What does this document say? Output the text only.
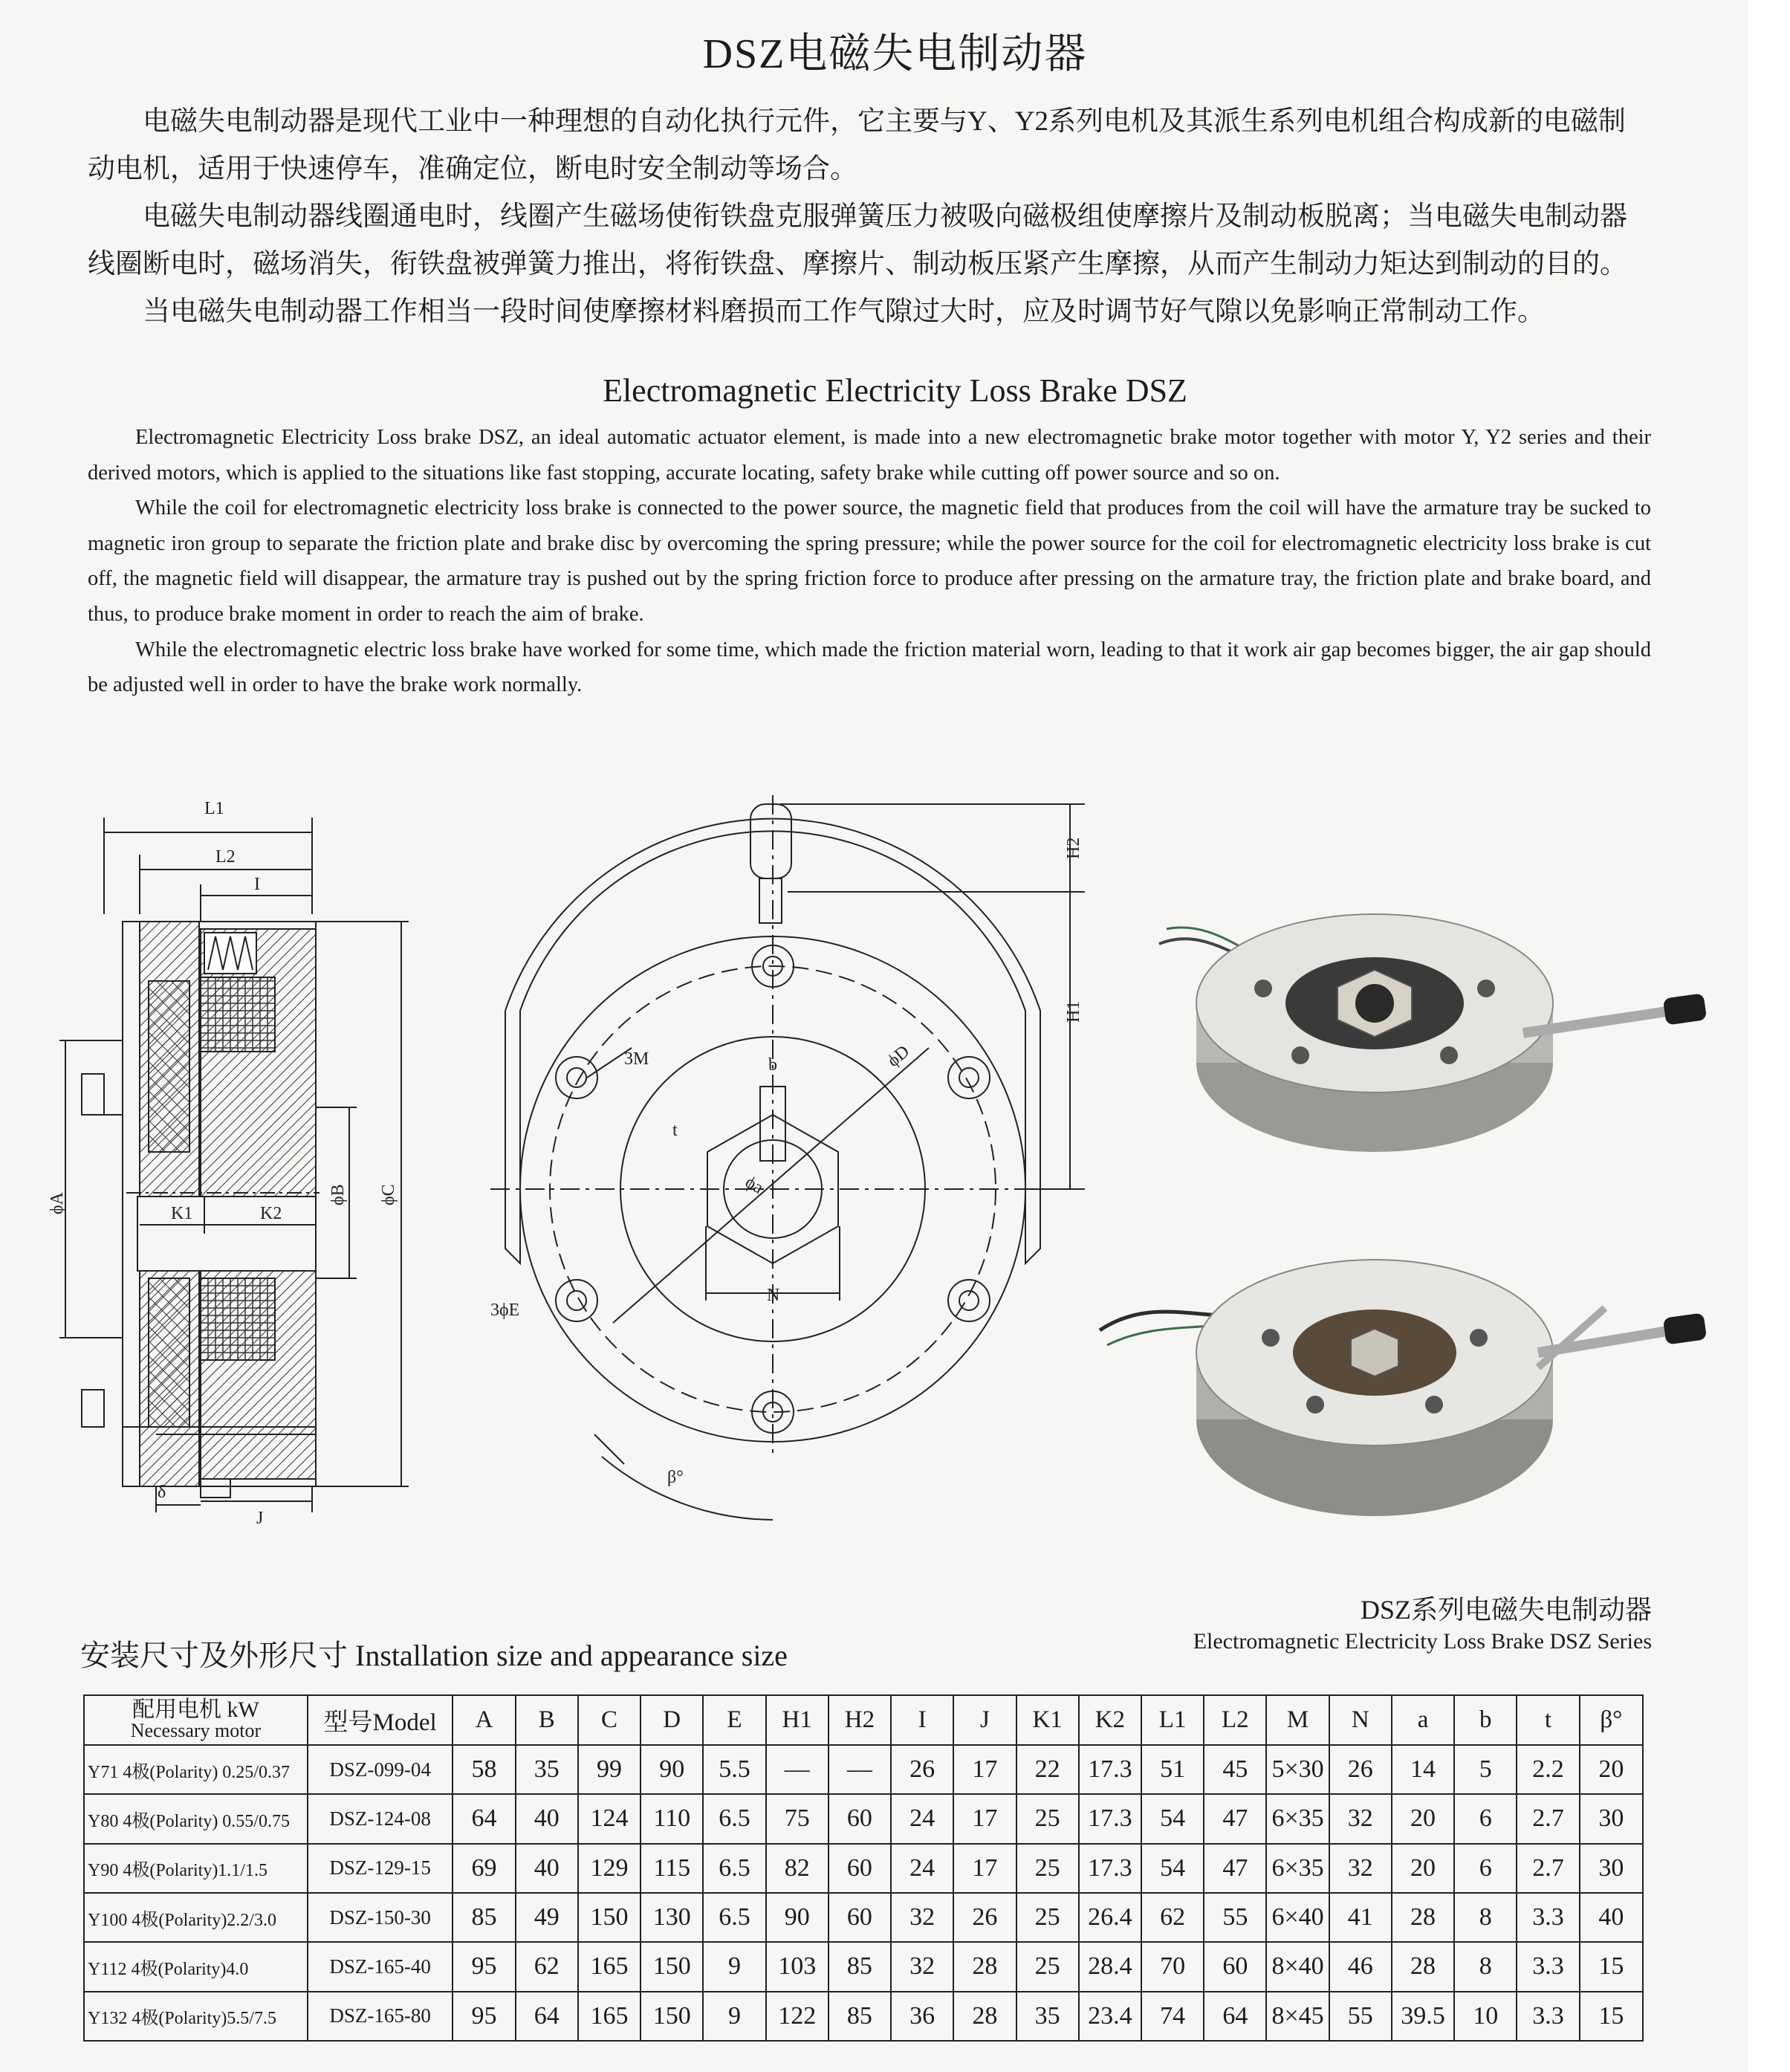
DSZ电磁失电制动器

电磁失电制动器是现代工业中一种理想的自动化执行元件，它主要与Y、Y2系列电机及其派生系列电机组合构成新的电磁制动电机，适用于快速停车，准确定位，断电时安全制动等场合。

电磁失电制动器线圈通电时，线圈产生磁场使衔铁盘克服弹簧压力被吸向磁极组使摩擦片及制动板脱离；当电磁失电制动器线圈断电时，磁场消失，衔铁盘被弹簧力推出，将衔铁盘、摩擦片、制动板压紧产生摩擦，从而产生制动力矩达到制动的目的。

当电磁失电制动器工作相当一段时间使摩擦材料磨损而工作气隙过大时，应及时调节好气隙以免影响正常制动工作。

Electromagnetic Electricity Loss Brake DSZ

Electromagnetic Electricity Loss brake DSZ, an ideal automatic actuator element, is made into a new electromagnetic brake motor together with motor Y, Y2 series and their derived motors, which is applied to the situations like fast stopping, accurate locating, safety brake while cutting off power source and so on.

While the coil for electromagnetic electricity loss brake is connected to the power source, the magnetic field that produces from the coil will have the armature tray be sucked to magnetic iron group to separate the friction plate and brake disc by overcoming the spring pressure; while the power source for the coil for electromagnetic electricity loss brake is cut off, the magnetic field will disappear, the armature tray is pushed out by the spring friction force to produce after pressing on the armature tray, the friction plate and brake board, and thus, to produce brake moment in order to reach the aim of brake.

While the electromagnetic electric loss brake have worked for some time, which made the friction material worn, leading to that it work air gap becomes bigger, the air gap should be adjusted well in order to have the brake work normally.

L1
L2
I
K1	K2
ϕA	ϕB ϕC
δ
J
H2
H1
3M	b
t
ϕD
ϕa
N
3ϕE
β°
DSZ系列电磁失电制动器
Electromagnetic Electricity Loss Brake DSZ Series
安装尺寸及外形尺寸 Installation size and appearance size
配用电机 kW
Necessary motor	型号Model	A	B	C	D	E	H1	H2	I	J	K1	K2	L1	L2	M	N	a	b	t	β°
Y71 4极(Polarity) 0.25/0.37	DSZ-099-04	58	35	99	90	5.5	—	—	26	17	22	17.3	51	45	5×30	26	14	5	2.2	20
Y80 4极(Polarity) 0.55/0.75	DSZ-124-08	64	40	124	110	6.5	75	60	24	17	25	17.3	54	47	6×35	32	20	6	2.7	30
Y90 4极(Polarity)1.1/1.5	DSZ-129-15	69	40	129	115	6.5	82	60	24	17	25	17.3	54	47	6×35	32	20	6	2.7	30
Y100 4极(Polarity)2.2/3.0	DSZ-150-30	85	49	150	130	6.5	90	60	32	26	25	26.4	62	55	6×40	41	28	8	3.3	40
Y112 4极(Polarity)4.0	DSZ-165-40	95	62	165	150	9	103	85	32	28	25	28.4	70	60	8×40	46	28	8	3.3	15
Y132 4极(Polarity)5.5/7.5	DSZ-165-80	95	64	165	150	9	122	85	36	28	35	23.4	74	64	8×45	55	39.5	10	3.3	15
